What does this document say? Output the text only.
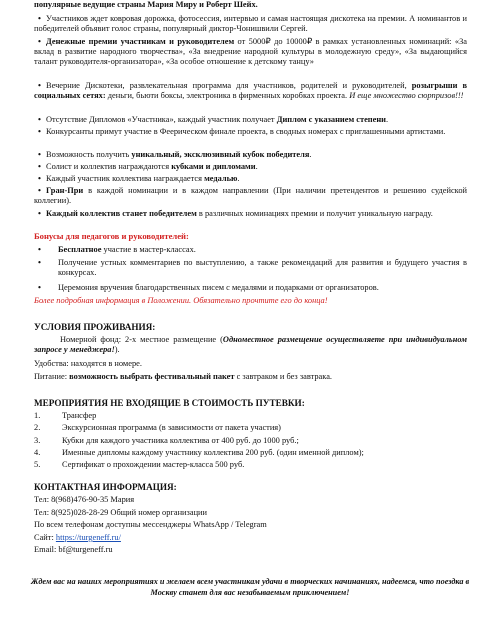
популярные ведущие страны Мария Миру и Роберт Шейх.

• Участников ждет ковровая дорожка, фотосессия, интервью и самая настоящая дискотека на премии. А номинантов и победителей объявит голос страны, популярный диктор-Чонишвили Сергей.

• Денежные премии участникам и руководителем от 5000₽ до 10000₽ в рамках установленных номинаций: «За вклад в развитие народного творчества», «За внедрение народной культуры в молодежную среду», «За выдающийся талант руководителя-организатора», «За особое отношение к детскому танцу»

• Вечерние Дискотеки, развлекательная программа для участников, родителей и руководителей, розыгрыши в социальных сетях: деньги, бьюти боксы, электроника в фирменных коробках проекта. И еще множество сюрпризов!!!

• Отсутствие Дипломов «Участника», каждый участник получает Диплом с указанием степени.

• Конкурсанты примут участие в Феерическом финале проекта, в сводных номерах с приглашенными артистами.

• Возможность получить уникальный, эксклюзивный кубок победителя.

• Солист и коллектив награждаются кубками и дипломами.

• Каждый участник коллектива награждается медалью.

• Гран-При в каждой номинации и в каждом направлении (При наличии претендентов и решению судейской коллегии).

• Каждый коллектив станет победителем в различных номинациях премии и получит уникальную награду.

Бонусы для педагогов и руководителей:

• Бесплатное участие в мастер-классах.

• Получение устных комментариев по выступлению, а также рекомендаций для развития и будущего участия в конкурсах.

• Церемония вручения благодарственных писем с медалями и подарками от организаторов.

Более подробная информация в Положении. Обязательно прочтите его до конца!

УСЛОВИЯ ПРОЖИВАНИЯ:

Номерной фонд: 2-х местное размещение (Одноместное размещение осуществляете при индивидуальном запросе у менеджера!).

Удобства: находятся в номере.

Питание: возможность выбрать фестивальный пакет с завтраком и без завтрака.

МЕРОПРИЯТИЯ НЕ ВХОДЯЩИЕ В СТОИМОСТЬ ПУТЕВКИ:

1.	Трансфер
2.	Экскурсионная программа (в зависимости от пакета участия)
3.	Кубки для каждого участника коллектива от 400 руб. до 1000 руб.;
4.	Именные дипломы каждому участнику коллектива 200 руб. (один именной диплом);
5.	Сертификат о прохождении мастер-класса 500 руб.

КОНТАКТНАЯ ИНФОРМАЦИЯ:

Тел: 8(968)476-90-35 Мария

Тел: 8(925)028-28-29 Общий номер организации

По всем телефонам доступны мессенджеры WhatsApp / Telegram

Сайт: https://turgeneff.ru/

Email: bf@turgeneff.ru

Ждем вас на наших мероприятиях и желаем всем участникам удачи в творческих начинаниях, надеемся, что поездка в Москву станет для вас незабываемым приключением!
